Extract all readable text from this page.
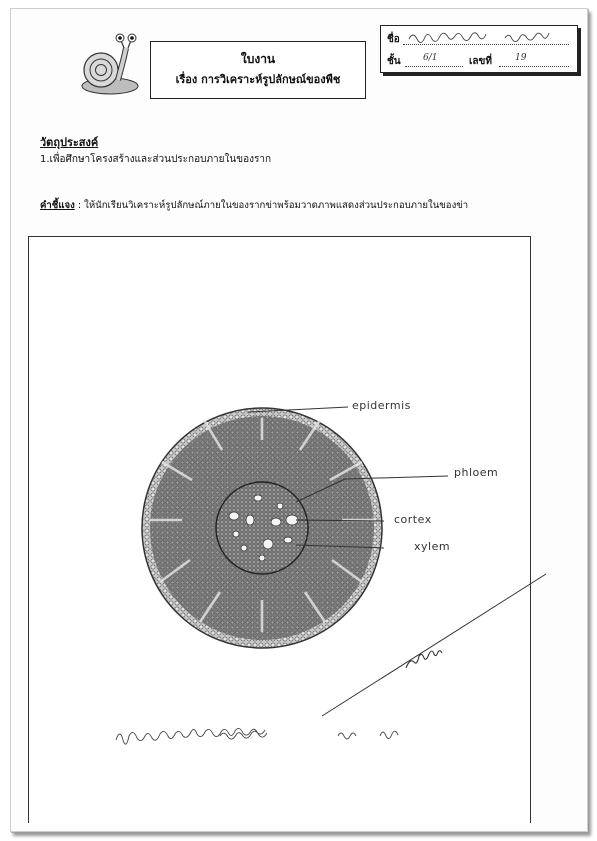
ใบงาน
เรื่อง การวิเคราะห์รูปลักษณ์ของพืช
ชื่อ
ชั้น 6/1	เลขที่	19
วัตถุประสงค์
1.เพื่อศึกษาโครงสร้างและส่วนประกอบภายในของราก
คำชี้แจง : ให้นักเรียนวิเคราะห์รูปลักษณ์ภายในของรากข่าพร้อมวาดภาพแสดงส่วนประกอบภายในของข่า
epidermis
phloem
cortex
xylem
